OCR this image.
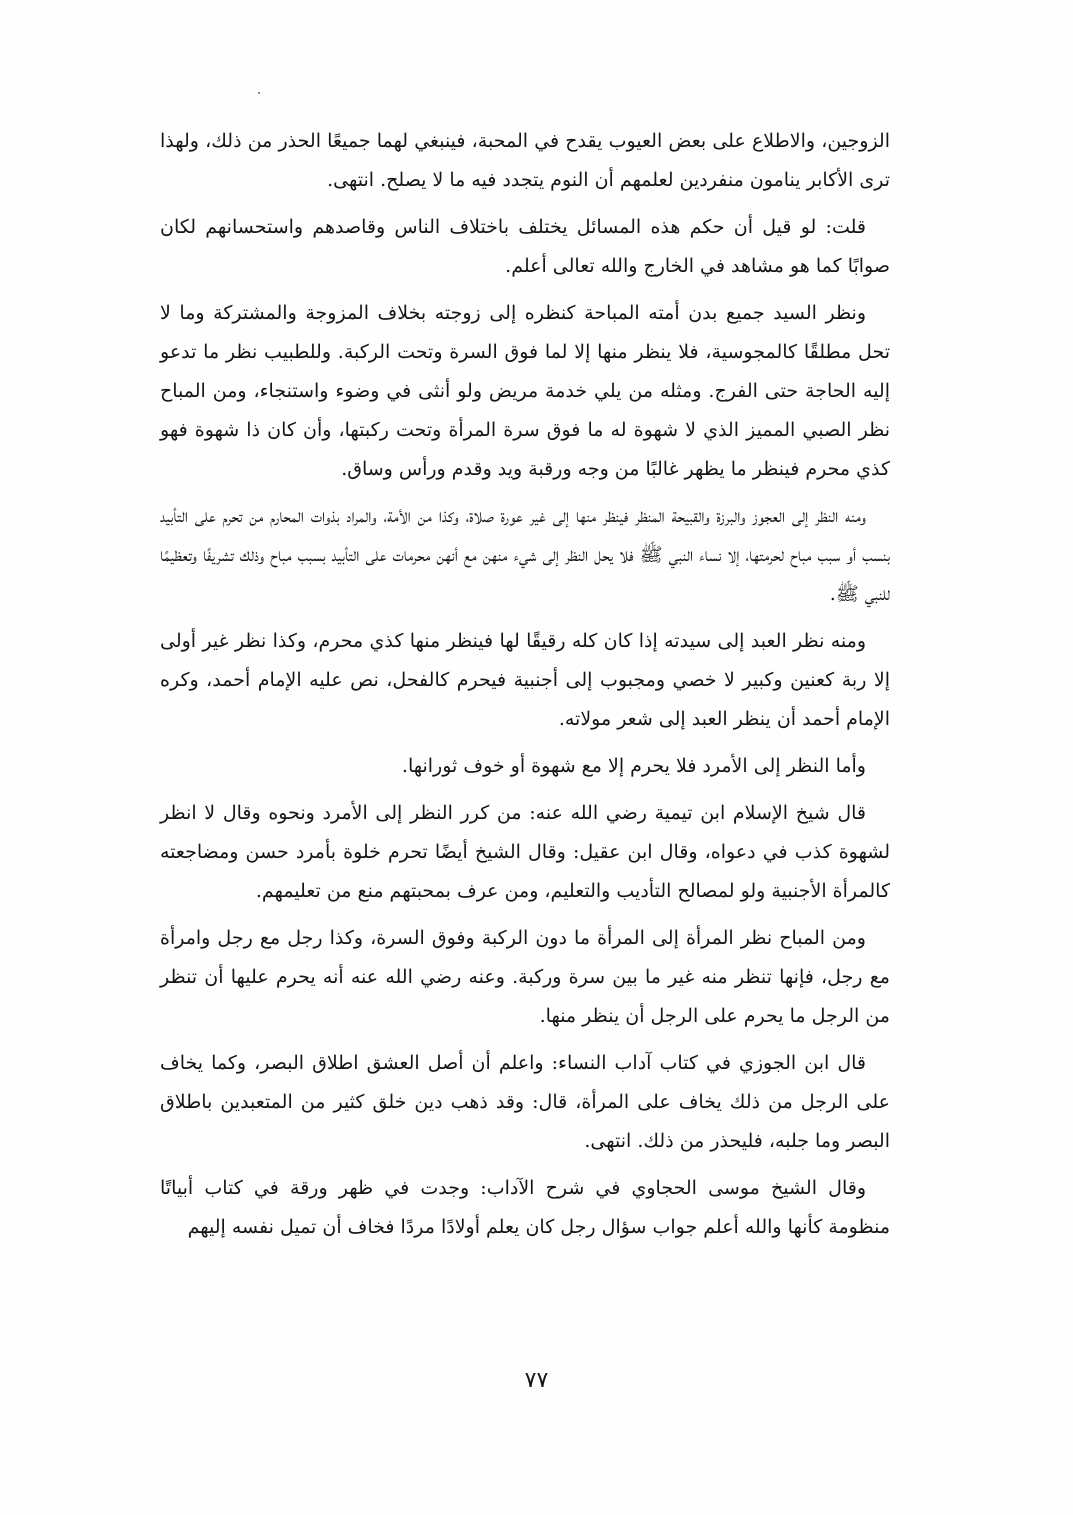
الزوجين، والاطلاع على بعض العيوب يقدح في المحبة، فينبغي لهما جميعًا الحذر من ذلك، ولهذا ترى الأكابر ينامون منفردين لعلمهم أن النوم يتجدد فيه ما لا يصلح. انتهى.

قلت: لو قيل أن حكم هذه المسائل يختلف باختلاف الناس وقاصدهم واستحسانهم لكان صوابًا كما هو مشاهد في الخارج والله تعالى أعلم.

ونظر السيد جميع بدن أمته المباحة كنظره إلى زوجته بخلاف المزوجة والمشتركة وما لا تحل مطلقًا كالمجوسية، فلا ينظر منها إلا لما فوق السرة وتحت الركبة. وللطبيب نظر ما تدعو إليه الحاجة حتى الفرج. ومثله من يلي خدمة مريض ولو أنثى في وضوء واستنجاء، ومن المباح نظر الصبي المميز الذي لا شهوة له ما فوق سرة المرأة وتحت ركبتها، وأن كان ذا شهوة فهو كذي محرم فينظر ما يظهر غالبًا من وجه ورقبة ويد وقدم ورأس وساق.

ومنه النظر إلى العجوز والبرزة والقبيحة المنظر فينظر منها إلى غير عورة صلاة، وكذا من الأمة، والمراد بذوات المحارم من تحرم على التأبيد بنسب أو سبب مباح لحرمتها، إلا نساء النبي ﷺ فلا يحل النظر إلى شيء منهن مع أنهن محرمات على التأبيد بسبب مباح وذلك تشريفًا وتعظيمًا للنبي ﷺ.

ومنه نظر العبد إلى سيدته إذا كان كله رقيقًا لها فينظر منها كذي محرم، وكذا نظر غير أولى إلا ربة كعنين وكبير لا خصي ومجبوب إلى أجنبية فيحرم كالفحل، نص عليه الإمام أحمد، وكره الإمام أحمد أن ينظر العبد إلى شعر مولاته.

وأما النظر إلى الأمرد فلا يحرم إلا مع شهوة أو خوف ثورانها.

قال شيخ الإسلام ابن تيمية رضي الله عنه: من كرر النظر إلى الأمرد ونحوه وقال لا انظر لشهوة كذب في دعواه، وقال ابن عقيل: وقال الشيخ أيضًا تحرم خلوة بأمرد حسن ومضاجعته كالمرأة الأجنبية ولو لمصالح التأديب والتعليم، ومن عرف بمحبتهم منع من تعليمهم.

ومن المباح نظر المرأة إلى المرأة ما دون الركبة وفوق السرة، وكذا رجل مع رجل وامرأة مع رجل، فإنها تنظر منه غير ما بين سرة وركبة. وعنه رضي الله عنه أنه يحرم عليها أن تنظر من الرجل ما يحرم على الرجل أن ينظر منها.

قال ابن الجوزي في كتاب آداب النساء: واعلم أن أصل العشق اطلاق البصر، وكما يخاف على الرجل من ذلك يخاف على المرأة، قال: وقد ذهب دين خلق كثير من المتعبدين باطلاق البصر وما جلبه، فليحذر من ذلك. انتهى.

وقال الشيخ موسى الحجاوي في شرح الآداب: وجدت في ظهر ورقة في كتاب أبياتًا منظومة كأنها والله أعلم جواب سؤال رجل كان يعلم أولادًا مردًا فخاف أن تميل نفسه إليهم

٧٧
